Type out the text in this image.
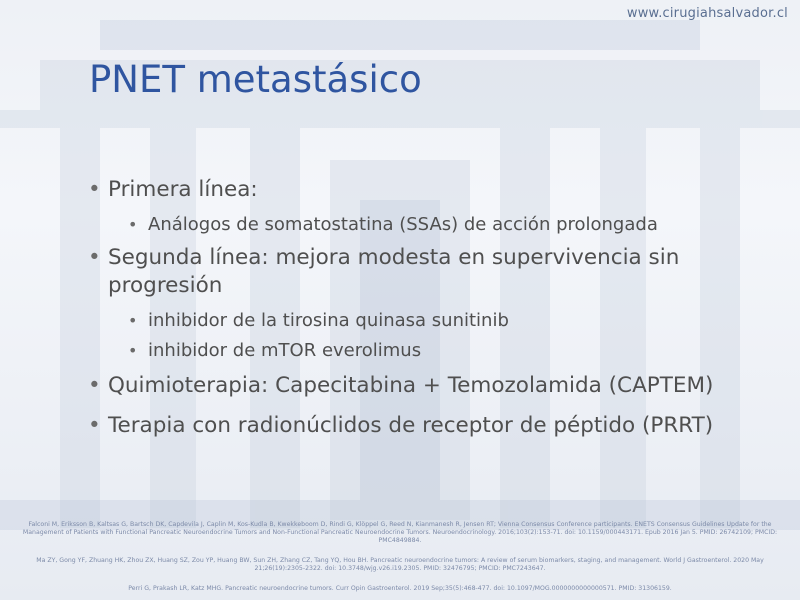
www.cirugiahsalvador.cl
PNET metastásico
• Primera línea:
• Análogos de somatostatina (SSAs) de acción prolongada
• Segunda línea: mejora modesta en supervivencia sin progresión
• inhibidor de la tirosina quinasa sunitinib
• inhibidor de mTOR everolimus
• Quimioterapia: Capecitabina + Temozolamida (CAPTEM)
• Terapia con radionúclidos de receptor de péptido (PRRT)
Falconi M, Eriksson B, Kaltsas G, Bartsch DK, Capdevila J, Caplin M, Kos-Kudla B, Kwekkeboom D, Rindi G, Klöppel G, Reed N, Kianmanesh R, Jensen RT; Vienna Consensus Conference participants. ENETS Consensus Guidelines Update for the Management of Patients with Functional Pancreatic Neuroendocrine Tumors and Non-Functional Pancreatic Neuroendocrine Tumors. Neuroendocrinology. 2016;103(2):153-71. doi: 10.1159/000443171. Epub 2016 Jan 5. PMID: 26742109; PMCID: PMC4849884.
Ma ZY, Gong YF, Zhuang HK, Zhou ZX, Huang SZ, Zou YP, Huang BW, Sun ZH, Zhang CZ, Tang YQ, Hou BH. Pancreatic neuroendocrine tumors: A review of serum biomarkers, staging, and management. World J Gastroenterol. 2020 May 21;26(19):2305-2322. doi: 10.3748/wjg.v26.i19.2305. PMID: 32476795; PMCID: PMC7243647.
Perri G, Prakash LR, Katz MHG. Pancreatic neuroendocrine tumors. Curr Opin Gastroenterol. 2019 Sep;35(5):468-477. doi: 10.1097/MOG.0000000000000571. PMID: 31306159.
